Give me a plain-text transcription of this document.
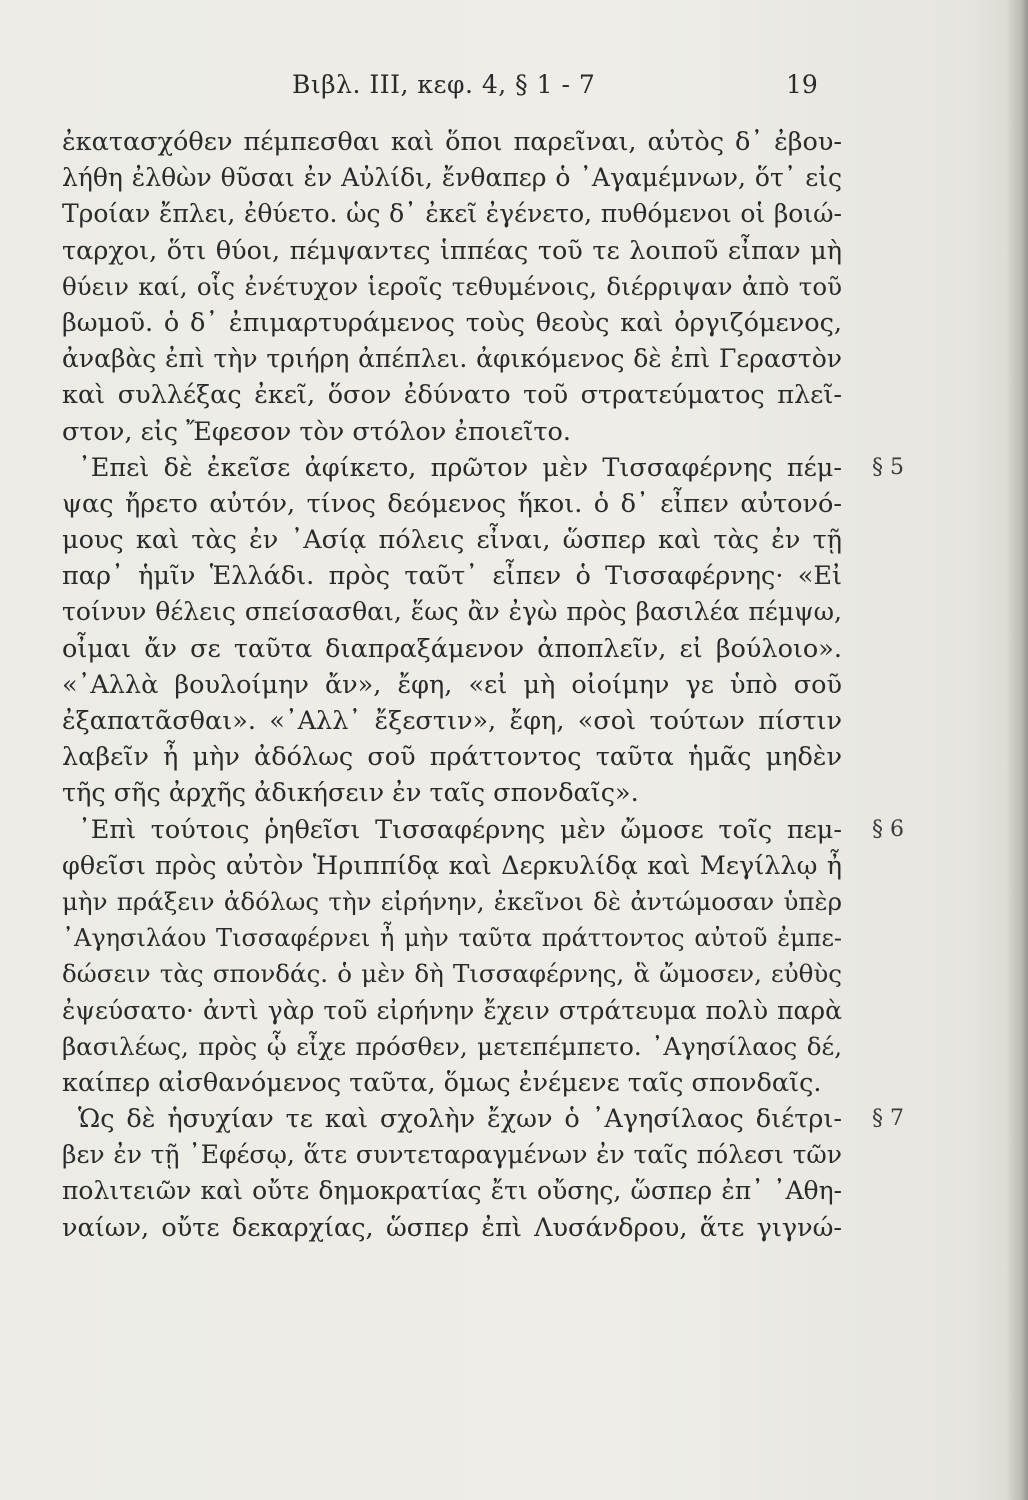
Βιβλ. III, κεφ. 4, § 1 - 7	19
ἐκατασχόθεν πέμπεσθαι καὶ ὅποι παρεῖναι, αὐτὸς δ᾿ ἐβου-
λήθη ἐλθὼν θῦσαι ἐν Αὐλίδι, ἔνθαπερ ὁ ᾿Αγαμέμνων, ὅτ᾿ εἰς
Τροίαν ἔπλει, ἐθύετο. ὡς δ᾿ ἐκεῖ ἐγένετο, πυθόμενοι οἱ βοιώ-
ταρχοι, ὅτι θύοι, πέμψαντες ἱππέας τοῦ τε λοιποῦ εἶπαν μὴ
θύειν καί, οἷς ἐνέτυχον ἱεροῖς τεθυμένοις, διέρριψαν ἀπὸ τοῦ
βωμοῦ. ὁ δ᾿ ἐπιμαρτυράμενος τοὺς θεοὺς καὶ ὀργιζόμενος,
ἀναβὰς ἐπὶ τὴν τριήρη ἀπέπλει. ἀφικόμενος δὲ ἐπὶ Γεραστὸν
καὶ συλλέξας ἐκεῖ, ὅσον ἐδύνατο τοῦ στρατεύματος πλεῖ-
στον, εἰς Ἔφεσον τὸν στόλον ἐποιεῖτο.
᾿Επεὶ δὲ ἐκεῖσε ἀφίκετο, πρῶτον μὲν Τισσαφέρνης πέμ- § 5
ψας ἤρετο αὐτόν, τίνος δεόμενος ἥκοι. ὁ δ᾿ εἶπεν αὐτονό-
μους καὶ τὰς ἐν ᾿Ασίᾳ πόλεις εἶναι, ὥσπερ καὶ τὰς ἐν τῇ
παρ᾿ ἡμῖν Ἑλλάδι. πρὸς ταῦτ᾿ εἶπεν ὁ Τισσαφέρνης· «Εἰ
τοίνυν θέλεις σπείσασθαι, ἕως ἂν ἐγὼ πρὸς βασιλέα πέμψω,
οἶμαι ἄν σε ταῦτα διαπραξάμενον ἀποπλεῖν, εἰ βούλοιο».
«᾿Αλλὰ βουλοίμην ἄν», ἔφη, «εἰ μὴ οἰοίμην γε ὑπὸ σοῦ
ἐξαπατᾶσθαι». «᾿Αλλ᾿ ἔξεστιν», ἔφη, «σοὶ τούτων πίστιν
λαβεῖν ἦ μὴν ἀδόλως σοῦ πράττοντος ταῦτα ἡμᾶς μηδὲν
τῆς σῆς ἀρχῆς ἀδικήσειν ἐν ταῖς σπονδαῖς».
᾿Επὶ τούτοις ῥηθεῖσι Τισσαφέρνης μὲν ὤμοσε τοῖς πεμ- § 6
φθεῖσι πρὸς αὐτὸν Ἡριππίδᾳ καὶ Δερκυλίδᾳ καὶ Μεγίλλῳ ἦ
μὴν πράξειν ἀδόλως τὴν εἰρήνην, ἐκεῖνοι δὲ ἀντώμοσαν ὑπὲρ
᾿Αγησιλάου Τισσαφέρνει ἦ μὴν ταῦτα πράττοντος αὐτοῦ ἐμπε-
δώσειν τὰς σπονδάς. ὁ μὲν δὴ Τισσαφέρνης, ἃ ὤμοσεν, εὐθὺς
ἐψεύσατο· ἀντὶ γὰρ τοῦ εἰρήνην ἔχειν στράτευμα πολὺ παρὰ
βασιλέως, πρὸς ᾧ εἶχε πρόσθεν, μετεπέμπετο. ᾿Αγησίλαος δέ,
καίπερ αἰσθανόμενος ταῦτα, ὅμως ἐνέμενε ταῖς σπονδαῖς.
Ὡς δὲ ἡσυχίαν τε καὶ σχολὴν ἔχων ὁ ᾿Αγησίλαος διέτρι- § 7
βεν ἐν τῇ ᾿Εφέσῳ, ἅτε συντεταραγμένων ἐν ταῖς πόλεσι τῶν
πολιτειῶν καὶ οὔτε δημοκρατίας ἔτι οὔσης, ὥσπερ ἐπ᾿ ᾿Αθη-
ναίων, οὔτε δεκαρχίας, ὥσπερ ἐπὶ Λυσάνδρου, ἅτε γιγνώ-
